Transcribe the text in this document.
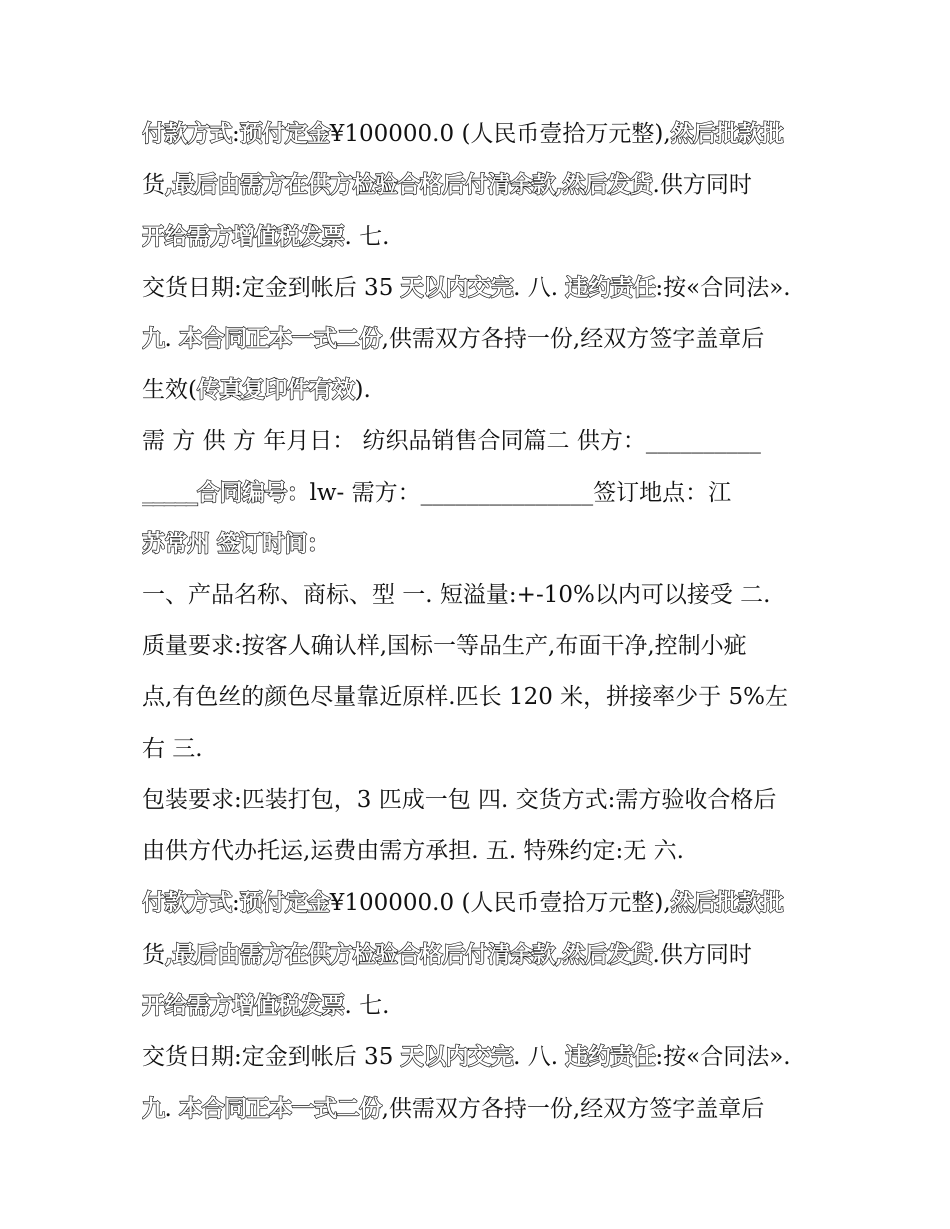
付款方式:预付定金¥100000.0 (人民币壹拾万元整),然后批款批
货,最后由需方在供方检验合格后付清余款,然后发货.供方同时
开给需方增值税发票. 七.
交货日期:定金到帐后 35 天以内交完. 八. 违约责任:按«合同法».
九. 本合同正本一式二份,供需双方各持一份,经双方签字盖章后
生效(传真复印件有效).
需 方 供 方 年月日： 纺织品销售合同篇二 供方：__________
_____合同编号：lw- 需方：_______________签订地点：江
苏常州 签订时间：
一、产品名称、商标、型 一. 短溢量:+-10%以内可以接受 二.
质量要求:按客人确认样,国标一等品生产,布面干净,控制小疵
点,有色丝的颜色尽量靠近原样.匹长 120 米，拼接率少于 5%左
右 三.
包装要求:匹装打包，3 匹成一包 四. 交货方式:需方验收合格后
由供方代办托运,运费由需方承担. 五. 特殊约定:无 六.
付款方式:预付定金¥100000.0 (人民币壹拾万元整),然后批款批
货,最后由需方在供方检验合格后付清余款,然后发货.供方同时
开给需方增值税发票. 七.
交货日期:定金到帐后 35 天以内交完. 八. 违约责任:按«合同法».
九. 本合同正本一式二份,供需双方各持一份,经双方签字盖章后
